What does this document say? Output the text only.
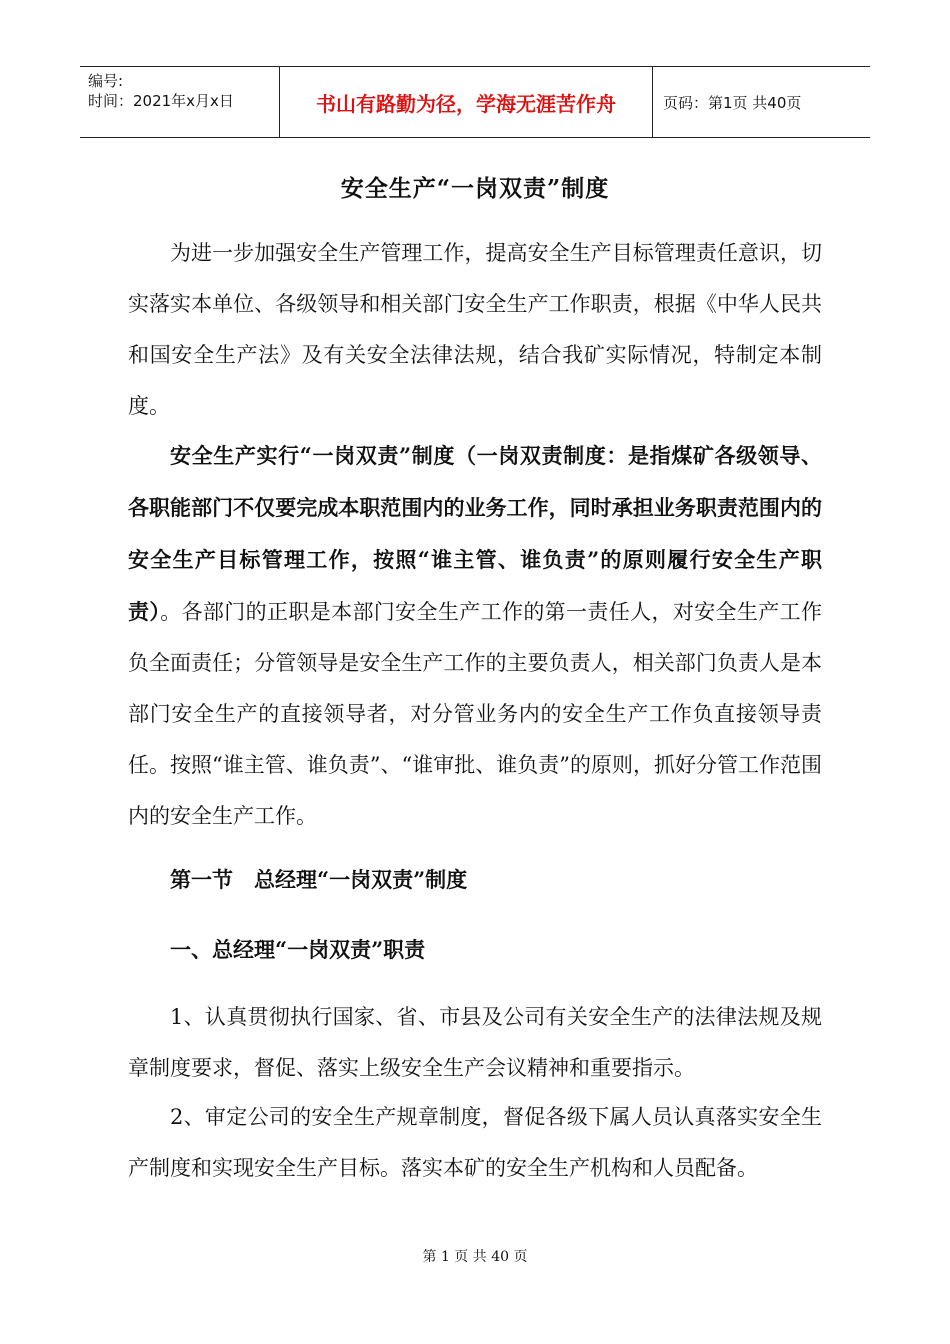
编号:
时间：2021年x月x日	书山有路勤为径，学海无涯苦作舟	页码：第1页 共40页
安全生产“一岗双责”制度

为进一步加强安全生产管理工作，提高安全生产目标管理责任意识，切实落实本单位、各级领导和相关部门安全生产工作职责，根据《中华人民共和国安全生产法》及有关安全法律法规，结合我矿实际情况，特制定本制度。

安全生产实行“一岗双责”制度（一岗双责制度：是指煤矿各级领导、各职能部门不仅要完成本职范围内的业务工作，同时承担业务职责范围内的安全生产目标管理工作，按照“谁主管、谁负责”的原则履行安全生产职责）。各部门的正职是本部门安全生产工作的第一责任人，对安全生产工作负全面责任；分管领导是安全生产工作的主要负责人，相关部门负责人是本部门安全生产的直接领导者，对分管业务内的安全生产工作负直接领导责任。按照“谁主管、谁负责”、“谁审批、谁负责”的原则，抓好分管工作范围内的安全生产工作。

第一节　总经理“一岗双责”制度
一、总经理“一岗双责”职责

1、认真贯彻执行国家、省、市县及公司有关安全生产的法律法规及规章制度要求，督促、落实上级安全生产会议精神和重要指示。

2、审定公司的安全生产规章制度，督促各级下属人员认真落实安全生产制度和实现安全生产目标。落实本矿的安全生产机构和人员配备。

第 1 页 共 40 页
